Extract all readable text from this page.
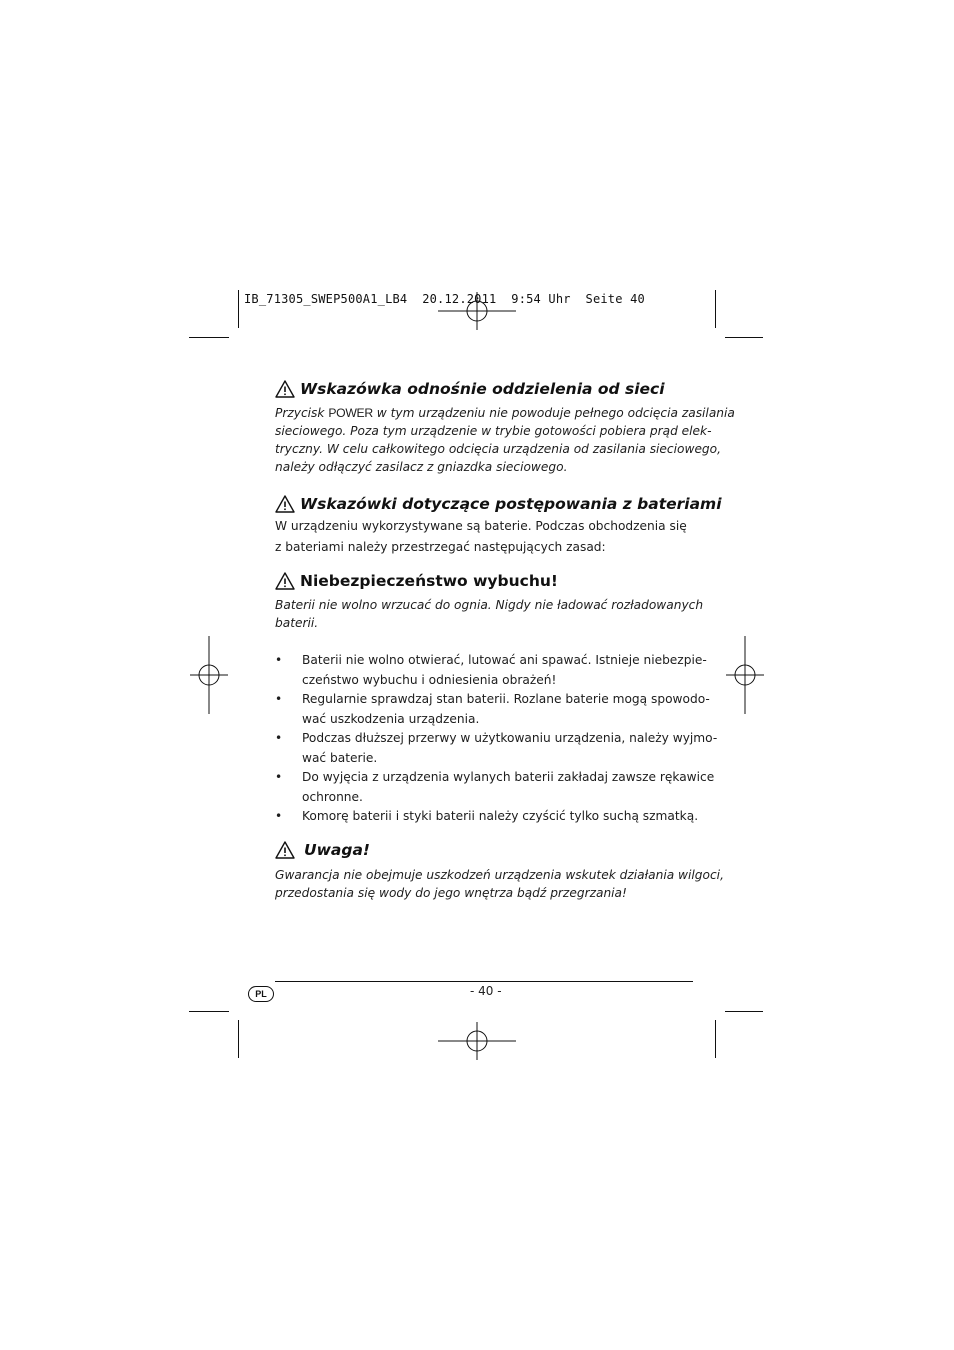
IB_71305_SWEP500A1_LB4  20.12.2011  9:54 Uhr  Seite 40
Wskazówka odnośnie oddzielenia od sieci
Przycisk POWER w tym urządzeniu nie powoduje pełnego odcięcia zasilania
sieciowego. Poza tym urządzenie w trybie gotowości pobiera prąd elek-
tryczny. W celu całkowitego odcięcia urządzenia od zasilania sieciowego,
należy odłączyć zasilacz z gniazdka sieciowego.
Wskazówki dotyczące postępowania z bateriami
W urządzeniu wykorzystywane są baterie. Podczas obchodzenia się
z bateriami należy przestrzegać następujących zasad:
Niebezpieczeństwo wybuchu!
Baterii nie wolno wrzucać do ognia. Nigdy nie ładować rozładowanych
baterii.
• Baterii nie wolno otwierać, lutować ani spawać. Istnieje niebezpie-
czeństwo wybuchu i odniesienia obrażeń!
• Regularnie sprawdzaj stan baterii. Rozlane baterie mogą spowodo-
wać uszkodzenia urządzenia.
• Podczas dłuższej przerwy w użytkowaniu urządzenia, należy wyjmo-
wać baterie.
• Do wyjęcia z urządzenia wylanych baterii zakładaj zawsze rękawice
ochronne.
• Komorę baterii i styki baterii należy czyścić tylko suchą szmatką.
Uwaga!
Gwarancja nie obejmuje uszkodzeń urządzenia wskutek działania wilgoci,
przedostania się wody do jego wnętrza bądź przegrzania!
PL	- 40 -
